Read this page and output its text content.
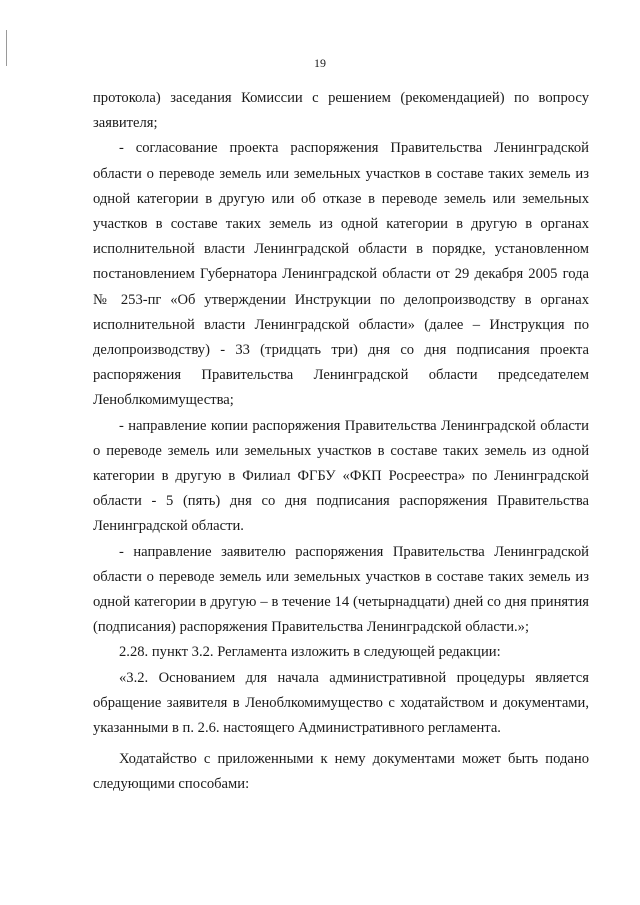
19

протокола) заседания Комиссии с решением (рекомендацией) по вопросу заявителя;

- согласование проекта распоряжения Правительства Ленинградской области о переводе земель или земельных участков в составе таких земель из одной категории в другую или об отказе в переводе земель или земельных участков в составе таких земель из одной категории в другую в органах исполнительной власти Ленинградской области в порядке, установленном постановлением Губернатора Ленинградской области от 29 декабря 2005 года № 253-пг «Об утверждении Инструкции по делопроизводству в органах исполнительной власти Ленинградской области» (далее – Инструкция по делопроизводству) - 33 (тридцать три) дня со дня подписания проекта распоряжения Правительства Ленинградской области председателем Леноблкомимущества;

- направление копии распоряжения Правительства Ленинградской области о переводе земель или земельных участков в составе таких земель из одной категории в другую в Филиал ФГБУ «ФКП Росреестра» по Ленинградской области - 5 (пять) дня со дня подписания распоряжения Правительства Ленинградской области.

- направление заявителю распоряжения Правительства Ленинградской области о переводе земель или земельных участков в составе таких земель из одной категории в другую – в течение 14 (четырнадцати) дней со дня принятия (подписания) распоряжения Правительства Ленинградской области.»;

2.28. пункт 3.2. Регламента изложить в следующей редакции:

«3.2. Основанием для начала административной процедуры является обращение заявителя в Леноблкомимущество с ходатайством и документами, указанными в п. 2.6. настоящего Административного регламента.

Ходатайство с приложенными к нему документами может быть подано следующими способами:
